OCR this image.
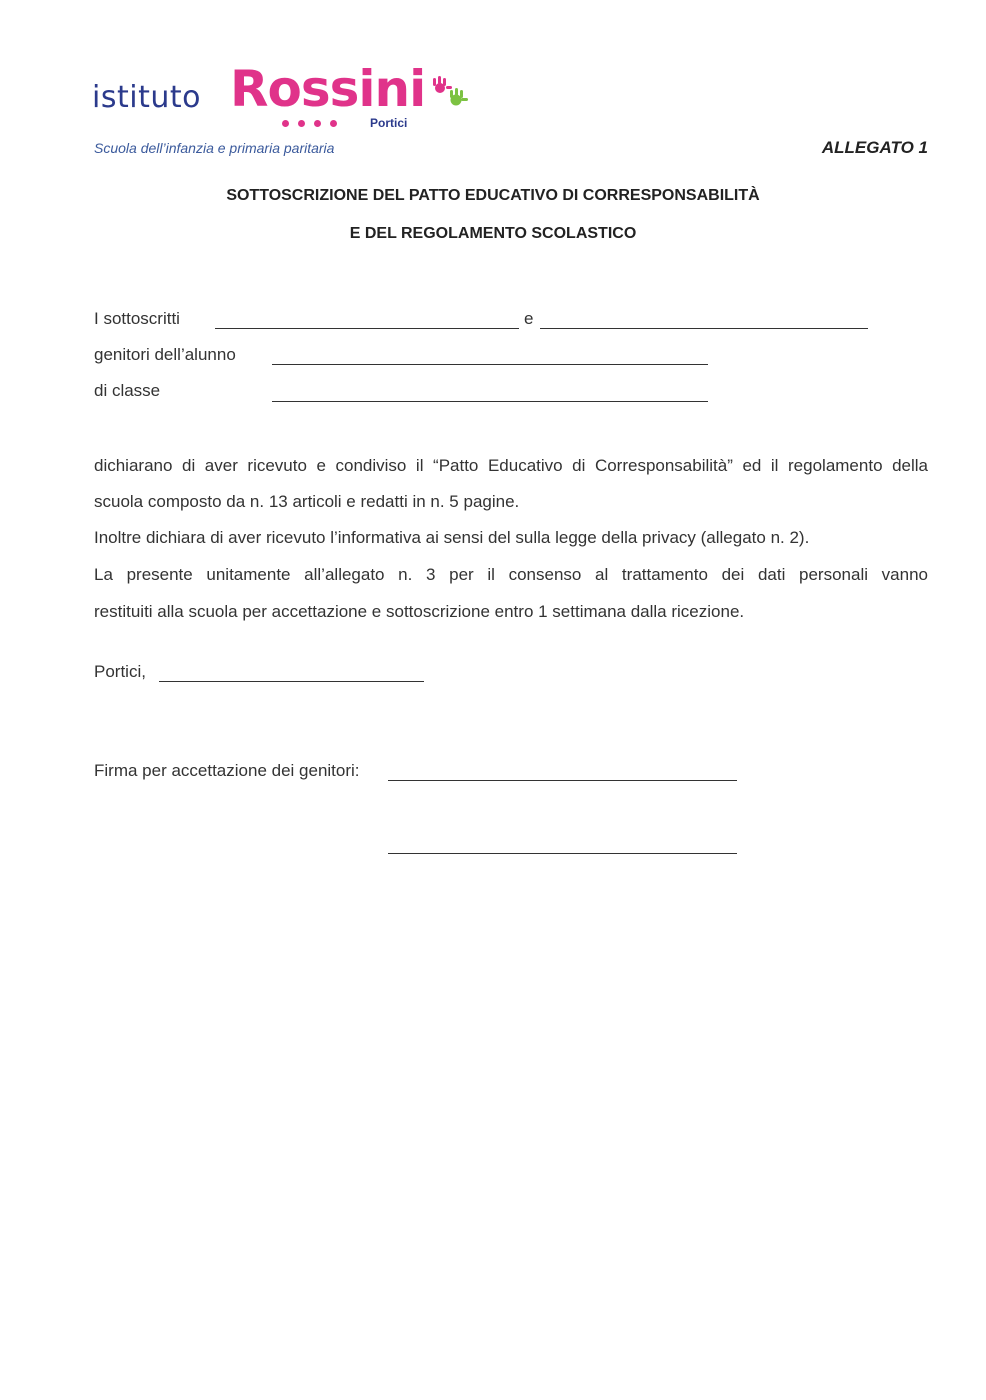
istituto Rossini
Portici
Scuola dell’infanzia e primaria paritaria	ALLEGATO 1
SOTTOSCRIZIONE DEL PATTO EDUCATIVO DI CORRESPONSABILITÀ
E DEL REGOLAMENTO SCOLASTICO
I sottoscritti	e
genitori dell’alunno
di classe
dichiarano di aver ricevuto e condiviso il “Patto Educativo di Corresponsabilità” ed il regolamento della
scuola composto da n. 13 articoli e redatti in n. 5 pagine.
Inoltre dichiara di aver ricevuto l’informativa ai sensi del sulla legge della privacy (allegato n. 2).
La presente unitamente all’allegato n. 3 per il consenso al trattamento dei dati personali vanno
restituiti alla scuola per accettazione e sottoscrizione entro 1 settimana dalla ricezione.
Portici,
Firma per accettazione dei genitori:
